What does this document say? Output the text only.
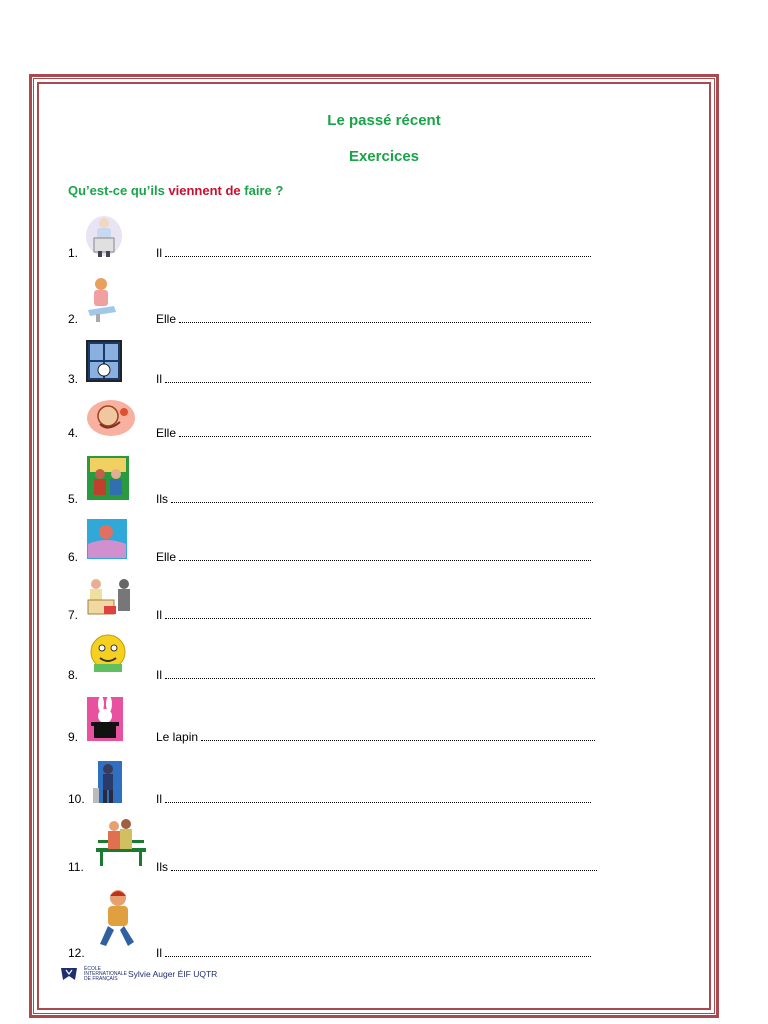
Le passé récent
Exercices
Qu’est-ce qu’ils viennent de faire ?
1.	Il
2.	Elle
3.	Il
4.	Elle
5.	Ils
6.	Elle
7.	Il
8.	Il
9.	Le lapin
10.	Il
11.	Ils
12.	Il
ÉCOLE
INTERNATIONALE
DE FRANÇAIS Sylvie Auger ÉIF UQTR
